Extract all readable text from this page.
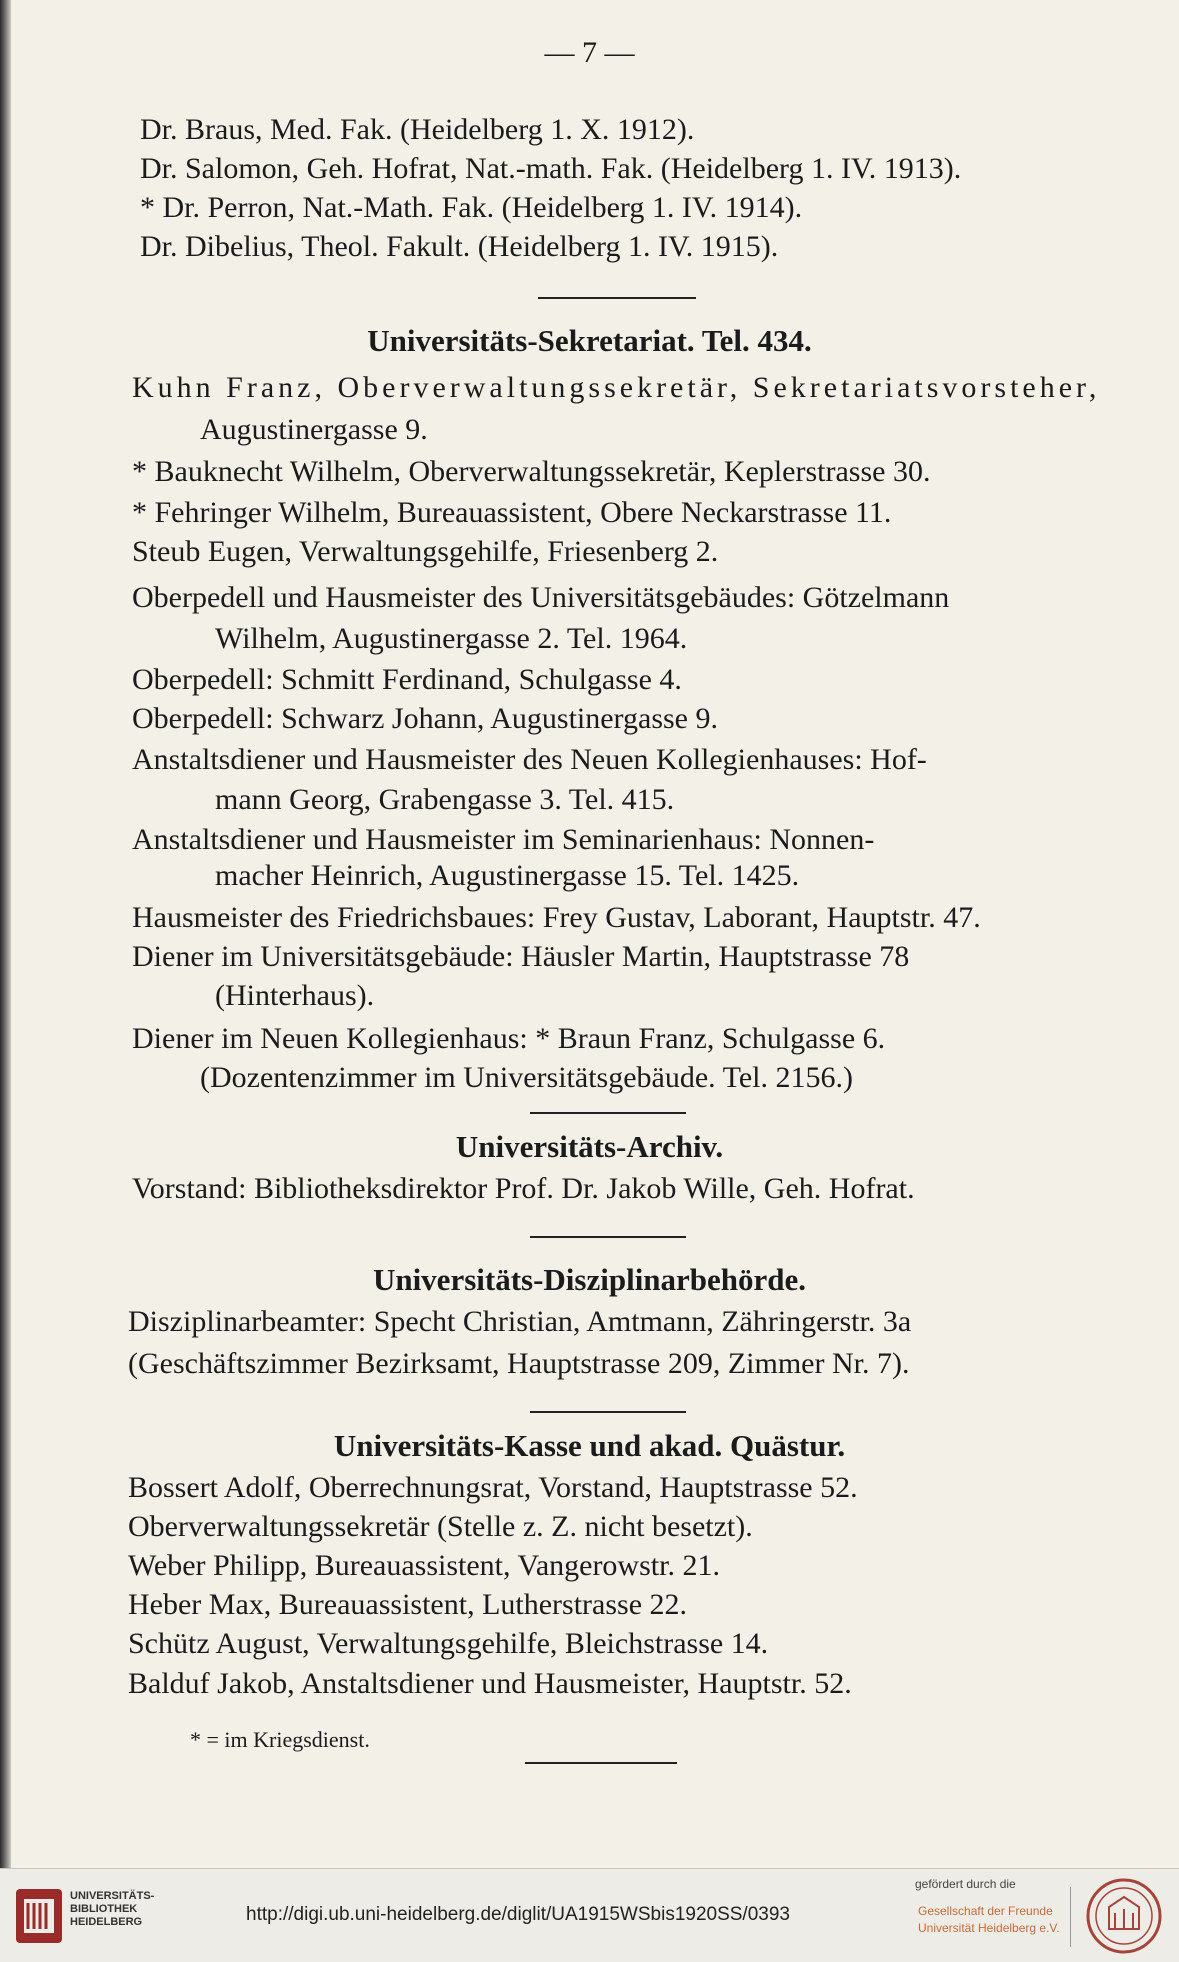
— 7 —
Dr. Braus, Med. Fak. (Heidelberg 1. X. 1912).
Dr. Salomon, Geh. Hofrat, Nat.-math. Fak. (Heidelberg 1. IV. 1913).
* Dr. Perron, Nat.-Math. Fak. (Heidelberg 1. IV. 1914).
Dr. Dibelius, Theol. Fakult. (Heidelberg 1. IV. 1915).
Universitäts-Sekretariat. Tel. 434.
Kuhn Franz, Oberverwaltungssekretär, Sekretariatsvorsteher,
Augustinergasse 9.
* Bauknecht Wilhelm, Oberverwaltungssekretär, Keplerstrasse 30.
* Fehringer Wilhelm, Bureauassistent, Obere Neckarstrasse 11.
Steub Eugen, Verwaltungsgehilfe, Friesenberg 2.
Oberpedell und Hausmeister des Universitätsgebäudes: Götzelmann
Wilhelm, Augustinergasse 2. Tel. 1964.
Oberpedell: Schmitt Ferdinand, Schulgasse 4.
Oberpedell: Schwarz Johann, Augustinergasse 9.
Anstaltsdiener und Hausmeister des Neuen Kollegienhauses: Hof-
mann Georg, Grabengasse 3. Tel. 415.
Anstaltsdiener und Hausmeister im Seminarienhaus: Nonnen-
macher Heinrich, Augustinergasse 15. Tel. 1425.
Hausmeister des Friedrichsbaues: Frey Gustav, Laborant, Hauptstr. 47.
Diener im Universitätsgebäude: Häusler Martin, Hauptstrasse 78
(Hinterhaus).
Diener im Neuen Kollegienhaus: * Braun Franz, Schulgasse 6.
(Dozentenzimmer im Universitätsgebäude. Tel. 2156.)
Universitäts-Archiv.
Vorstand: Bibliotheksdirektor Prof. Dr. Jakob Wille, Geh. Hofrat.
Universitäts-Disziplinarbehörde.
Disziplinarbeamter: Specht Christian, Amtmann, Zähringerstr. 3a
(Geschäftszimmer Bezirksamt, Hauptstrasse 209, Zimmer Nr. 7).
Universitäts-Kasse und akad. Quästur.
Bossert Adolf, Oberrechnungsrat, Vorstand, Hauptstrasse 52.
Oberverwaltungssekretär (Stelle z. Z. nicht besetzt).
Weber Philipp, Bureauassistent, Vangerowstr. 21.
Heber Max, Bureauassistent, Lutherstrasse 22.
Schütz August, Verwaltungsgehilfe, Bleichstrasse 14.
Balduf Jakob, Anstaltsdiener und Hausmeister, Hauptstr. 52.
* = im Kriegsdienst.
UNIVERSITÄTS-
BIBLIOTHEK
HEIDELBERG	http://digi.ub.uni-heidelberg.de/diglit/UA1915WSbis1920SS/0393
gefördert durch die
Gesellschaft der Freunde
Universität Heidelberg e.V.
